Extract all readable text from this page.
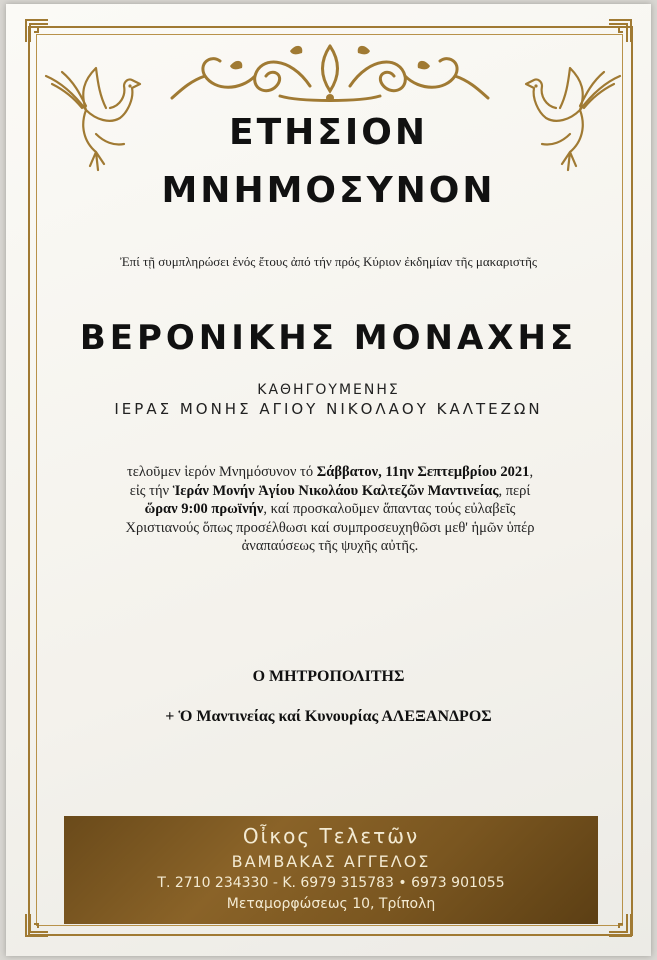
ΕΤΗΣΙΟΝ
ΜΝΗΜΟΣΥΝΟΝ
Ἐπί τῇ συμπληρώσει ἑνός ἔτους ἀπό τήν πρός Κύριον ἐκδημίαν τῆς μακαριστῆς
ΒΕΡΟΝΙΚΗΣ ΜΟΝΑΧΗΣ
ΚΑΘΗΓΟΥΜΕΝΗΣ
ΙΕΡΑΣ ΜΟΝΗΣ ΑΓΙΟΥ ΝΙΚΟΛΑΟΥ ΚΑΛΤΕΖΩΝ
τελοῦμεν ἱερόν Μνημόσυνον τό Σάββατον, 11ην Σεπτεμβρίου 2021, εἰς τήν Ἱεράν Μονήν Ἁγίου Νικολάου Καλτεζῶν Μαντινείας, περί ὥραν 9:00 πρωϊνήν, καί προσκαλοῦμεν ἅπαντας τούς εὐλαβεῖς Χριστιανούς ὅπως προσέλθωσι καί συμπροσευχηθῶσι μεθ' ἡμῶν ὑπέρ ἀναπαύσεως τῆς ψυχῆς αὐτῆς.
Ο ΜΗΤΡΟΠΟΛΙΤΗΣ
+ Ὁ Μαντινείας καί Κυνουρίας ΑΛΕΞΑΝΔΡΟΣ
Οἶκος Τελετῶν
ΒΑΜΒΑΚΑΣ ΑΓΓΕΛΟΣ
Τ. 2710 234330 - Κ. 6979 315783 • 6973 901055
Μεταμορφώσεως 10, Τρίπολη
